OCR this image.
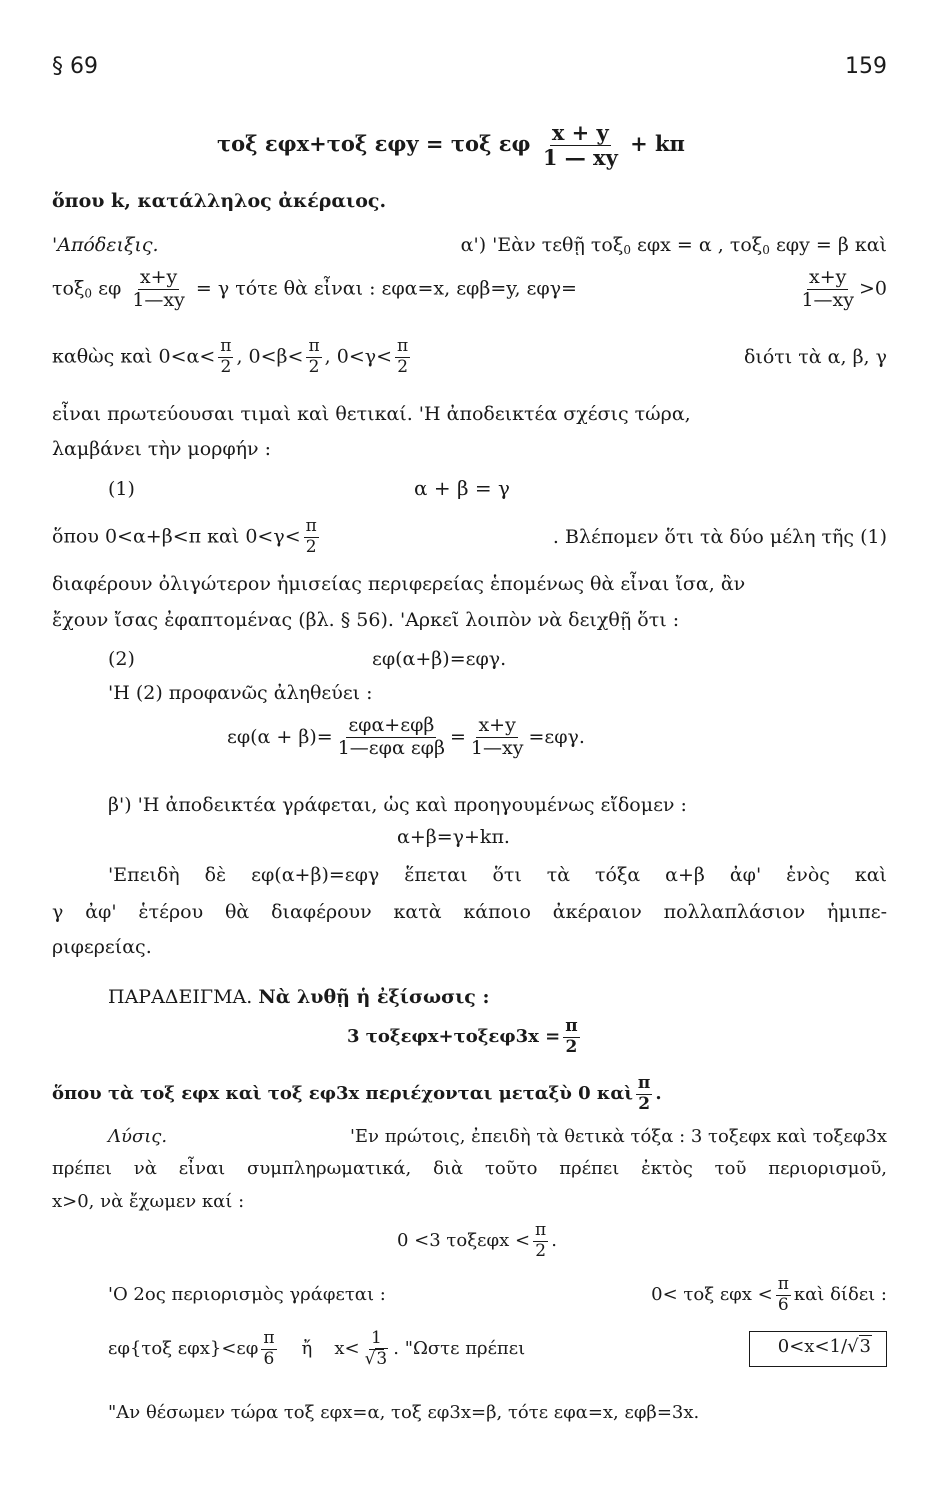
§ 69	159
τοξ εφx+τοξ εφy = τοξ εφ $\frac{x + y}{1 — xy} + k\pi$
ὅπου k, κατάλληλος ἀκέραιος.
'Απόδειξις.	α') 'Εὰν τεθῇ τοξ$_0$ εφx = α , τοξ$_0$ εφy = β καὶ
τοξ$_0$ εφ $\frac{x+y}{1—xy} = \gamma$ τότε θὰ εἶναι : εφα=x, εφβ=y, εφγ=	$\frac{x+y}{1—xy} >0$
καθὼς καὶ $0<\alpha< \frac{\pi}{2}$ , $0<\beta< \frac{\pi}{2}$ , $0<\gamma< \frac{\pi}{2}$	διότι τὰ α, β, γ
εἶναι πρωτεύουσαι τιμαὶ καὶ θετικαί. 'Η ἀποδεικτέα σχέσις τώρα,
λαμβάνει τὴν μορφήν :
(1)	α + β = γ
ὅπου 0<α+β<π καὶ $0<\gamma< \frac{\pi}{2}$	. Βλέπομεν ὅτι τὰ δύο μέλη τῆς (1)
διαφέρουν ὀλιγώτερον ἡμισείας περιφερείας ἑπομένως θὰ εἶναι ἴσα, ἂν
ἔχουν ἴσας ἐφαπτομένας (βλ. § 56). 'Αρκεῖ λοιπὸν νὰ δειχθῇ ὅτι :
(2)	εφ(α+β)=εφγ.
'Η (2) προφανῶς ἀληθεύει :
εφ(α + β)=
εφα+εφβ
1—εφα $\varepsilon\varphi\beta = \frac{x+y}{1—xy} =\varepsilon\varphi\gamma$.
β') 'Η ἀποδεικτέα γράφεται, ὡς καὶ προηγουμένως εἴδομεν :
α+β=γ+kπ.
'Επειδὴ δὲ εφ(α+β)=εφγ ἕπεται ὅτι τὰ τόξα α+β ἀφ' ἑνὸς καὶ
γ ἀφ' ἑτέρου θὰ διαφέρουν κατὰ κάποιο ἀκέραιον πολλαπλάσιον ἡμιπε-
ριφερείας.
ΠΑΡΑΔΕΙΓΜΑ. Νὰ λυθῇ ἡ ἐξίσωσις :
3 $\tau o\xi\varepsilon\varphi x+\tau o\xi\varepsilon\varphi 3x = \frac{\pi}{2}$
ὅπου τὰ τοξ εφx καὶ τοξ εφ3x περιέχονται μεταξὺ 0 καὶ $\frac{\pi}{2}$ .
Λύσις.	'Εν πρώτοις, ἐπειδὴ τὰ θετικὰ τόξα : 3 τοξεφx καὶ τοξεφ3x
πρέπει νὰ εἶναι συμπληρωματικά, διὰ τοῦτο πρέπει ἐκτὸς τοῦ περιορισμοῦ,
x>0, νὰ ἔχωμεν καί :
0 <3 $\tau o\xi\varepsilon\varphi x < \frac{\pi}{2}$ .
'Ο 2ος περιορισμὸς γράφεται :	0< τοξ $\varepsilon\varphi x < \frac{\pi}{6}$ καὶ δίδει :
εφ{τοξ $\varepsilon\varphi x\}<\varepsilon\varphi \frac{\pi}{6}$ ἤ x<
1
√3 . "Ωστε πρέπει	0<x<1/√3
"Αν θέσωμεν τώρα τοξ εφx=α, τοξ εφ3x=β, τότε εφα=x, εφβ=3x.
